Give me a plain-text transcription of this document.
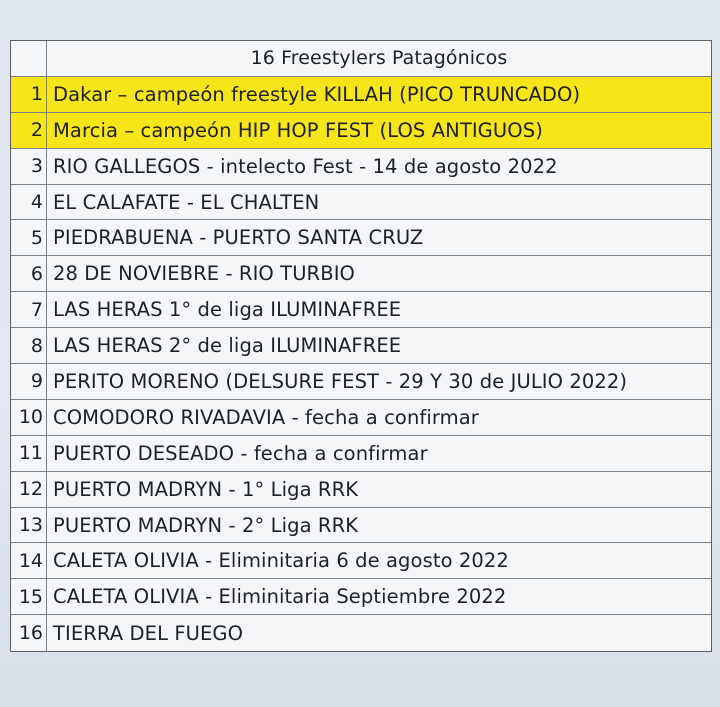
16 Freestylers Patagónicos
1 Dakar – campeón freestyle KILLAH (PICO TRUNCADO)
2 Marcia – campeón HIP HOP FEST (LOS ANTIGUOS)
3 RIO GALLEGOS - intelecto Fest - 14 de agosto 2022
4 EL CALAFATE - EL CHALTEN
5 PIEDRABUENA - PUERTO SANTA CRUZ
6 28 DE NOVIEBRE - RIO TURBIO
7 LAS HERAS 1° de liga ILUMINAFREE
8 LAS HERAS 2° de liga ILUMINAFREE
9 PERITO MORENO (DELSURE FEST - 29 Y 30 de JULIO 2022)
10 COMODORO RIVADAVIA - fecha a confirmar
11 PUERTO DESEADO - fecha a confirmar
12 PUERTO MADRYN - 1° Liga RRK
13 PUERTO MADRYN - 2° Liga RRK
14 CALETA OLIVIA - Eliminitaria 6 de agosto 2022
15 CALETA OLIVIA - Eliminitaria Septiembre 2022
16 TIERRA DEL FUEGO
